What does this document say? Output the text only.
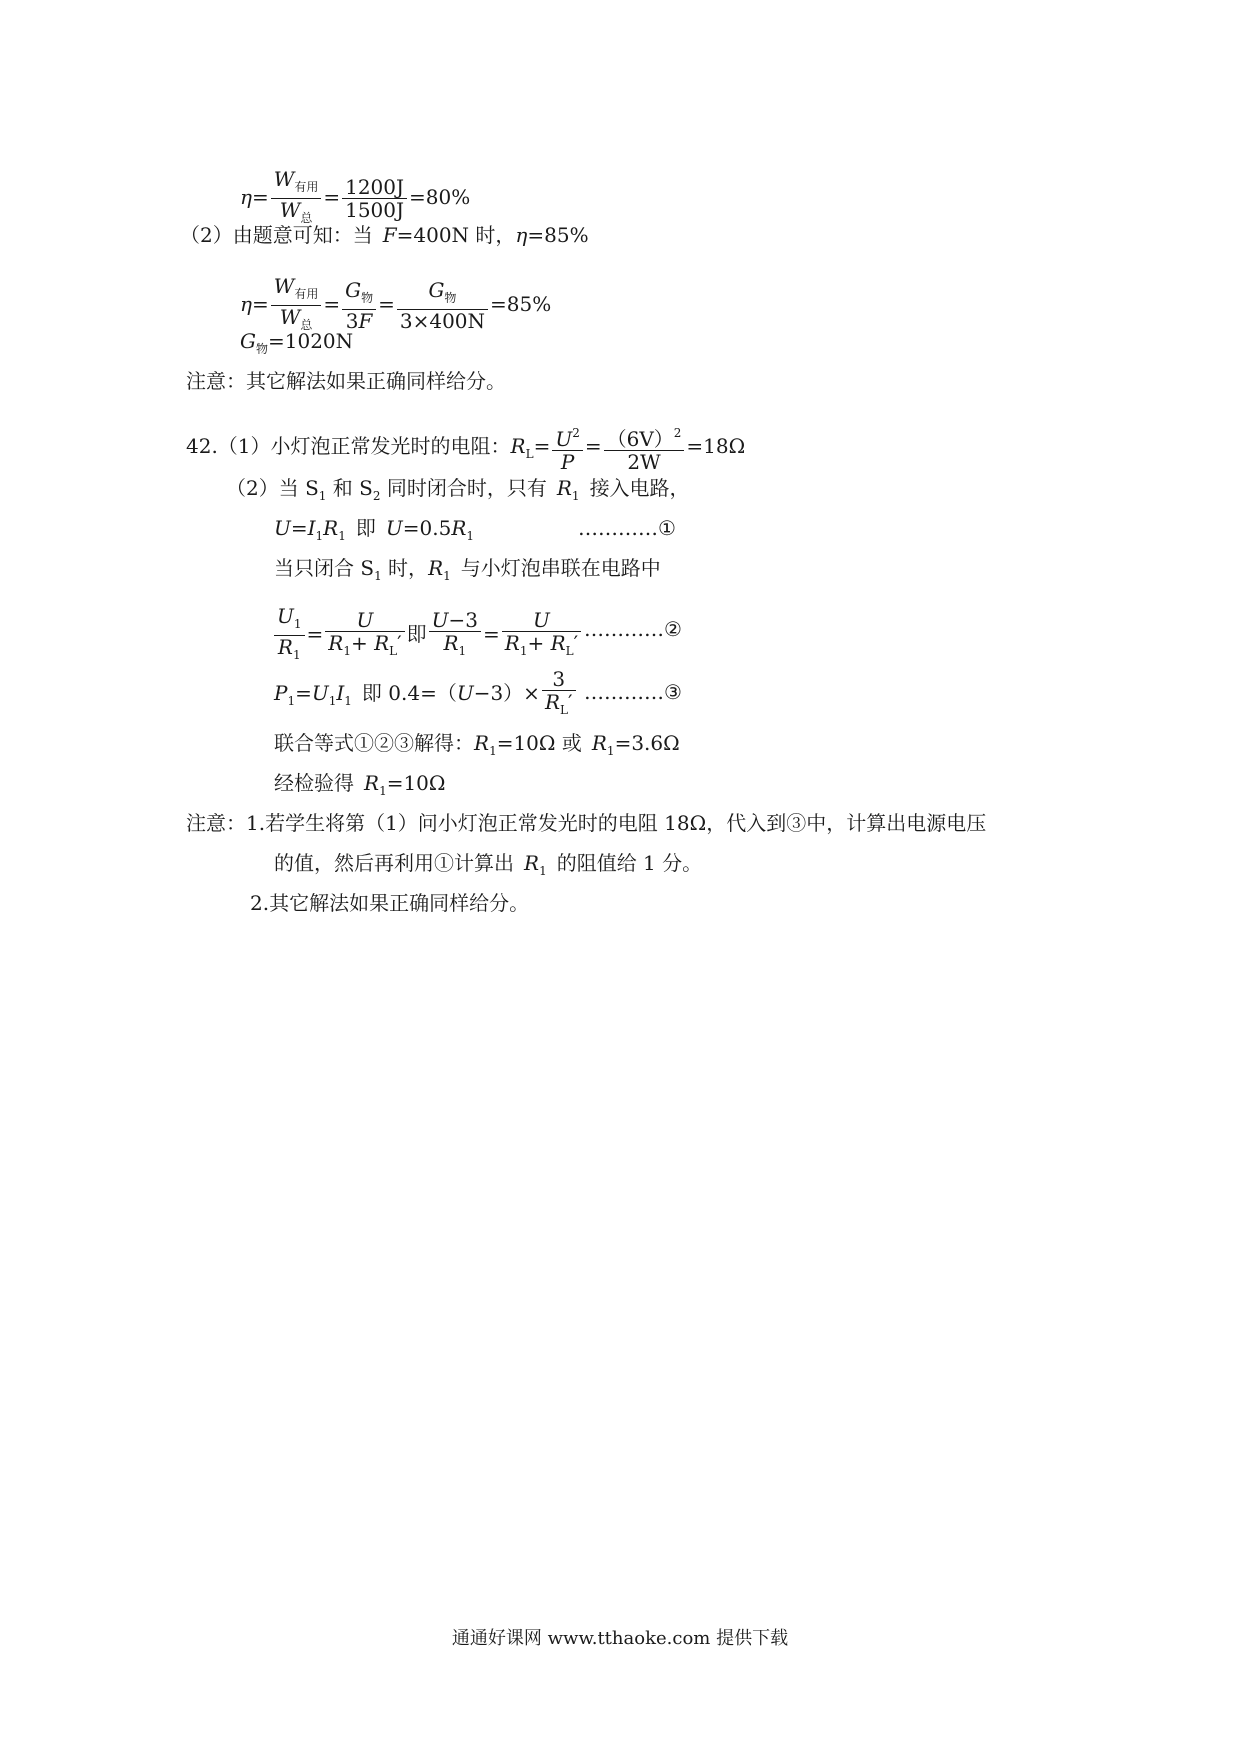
$\eta= \frac{W_{有用}}{W_总} = \frac{1200J}{1500J} =80\%$
（2）由题意可知：当 F=400N 时，η=85%
$\eta= \frac{W_{有用}}{W_总} = \frac{G_物}{3F} = \frac{G_物}{3\times 400N} =85\%$
$G_物=1020N$
注意：其它解法如果正确同样给分。
42.（1）小灯泡正常发光时的电阻：$R_L= \frac{U^2}{P} = \frac{(6V)^2}{2W} =18\Omega$
（2）当 $S_1$ 和 $S_2$ 同时闭合时，只有 $R_1$ 接入电路，
$U=I_1R_1$ 即 $U=0.5R_1$	…………①
当只闭合 $S_1$ 时，$R_1$ 与小灯泡串联在电路中
$\frac{U_1}{R_1} = \frac{U}{R_1+ R_L'}$ 即 $\frac{U-3}{R_1} = \frac{U}{R_1+ R_L'}$ …………②
$P_1=U_1I_1$ 即 $0.4=(U-3)\times \frac{3}{R_L'}$ …………③
联合等式①②③解得：$R_1=10\Omega$ 或 $R_1=3.6\Omega$
经检验得 $R_1=10\Omega$
注意：1.若学生将第（1）问小灯泡正常发光时的电阻 18Ω，代入到③中，计算出电源电压
的值，然后再利用①计算出 $R_1$ 的阻值给 1 分。
2.其它解法如果正确同样给分。
通通好课网 www.tthaoke.com 提供下载
